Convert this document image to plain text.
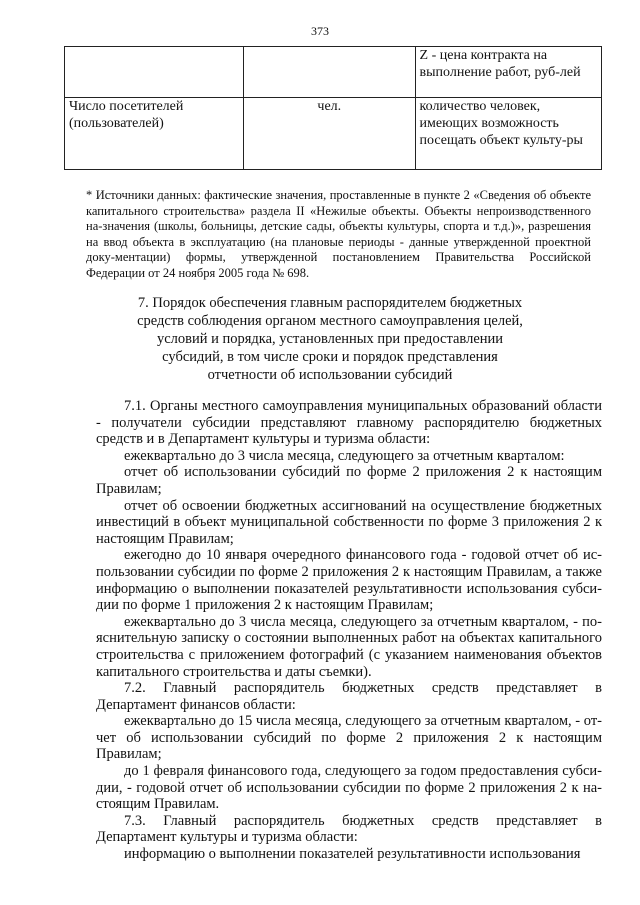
373
		Z - цена контракта на выполнение работ, руб-лей
Число посетителей (пользователей)	чел.	количество человек, имеющих возможность посещать объект культу-ры

* Источники данных: фактические значения, проставленные в пункте 2 «Сведения об объекте капитального строительства» раздела II «Нежилые объекты. Объекты непроизводственного на-значения (школы, больницы, детские сады, объекты культуры, спорта и т.д.)», разрешения на ввод объекта в эксплуатацию (на плановые периоды - данные утвержденной проектной доку-ментации) формы, утвержденной постановлением Правительства Российской Федерации от 24 ноября 2005 года № 698.

7. Порядок обеспечения главным распорядителем бюджетных
средств соблюдения органом местного самоуправления целей,
условий и порядка, установленных при предоставлении
субсидий, в том числе сроки и порядок представления
отчетности об использовании субсидий

7.1. Органы местного самоуправления муниципальных образований области - получатели субсидии представляют главному распорядителю бюджетных средств и в Департамент культуры и туризма области:

ежеквартально до 3 числа месяца, следующего за отчетным кварталом:

отчет об использовании субсидий по форме 2 приложения 2 к настоящим Правилам;

отчет об освоении бюджетных ассигнований на осуществление бюджетных инвестиций в объект муниципальной собственности по форме 3 приложения 2 к настоящим Правилам;

ежегодно до 10 января очередного финансового года - годовой отчет об ис-пользовании субсидии по форме 2 приложения 2 к настоящим Правилам, а также информацию о выполнении показателей результативности использования субси-дии по форме 1 приложения 2 к настоящим Правилам;

ежеквартально до 3 числа месяца, следующего за отчетным кварталом, - по-яснительную записку о состоянии выполненных работ на объектах капитального строительства с приложением фотографий (с указанием наименования объектов капитального строительства и даты съемки).

7.2. Главный распорядитель бюджетных средств представляет в Департамент финансов области:

ежеквартально до 15 числа месяца, следующего за отчетным кварталом, - от-чет об использовании субсидий по форме 2 приложения 2 к настоящим Правилам;

до 1 февраля финансового года, следующего за годом предоставления субси-дии, - годовой отчет об использовании субсидии по форме 2 приложения 2 к на-стоящим Правилам.

7.3. Главный распорядитель бюджетных средств представляет в Департамент культуры и туризма области:

информацию о выполнении показателей результативности использования
